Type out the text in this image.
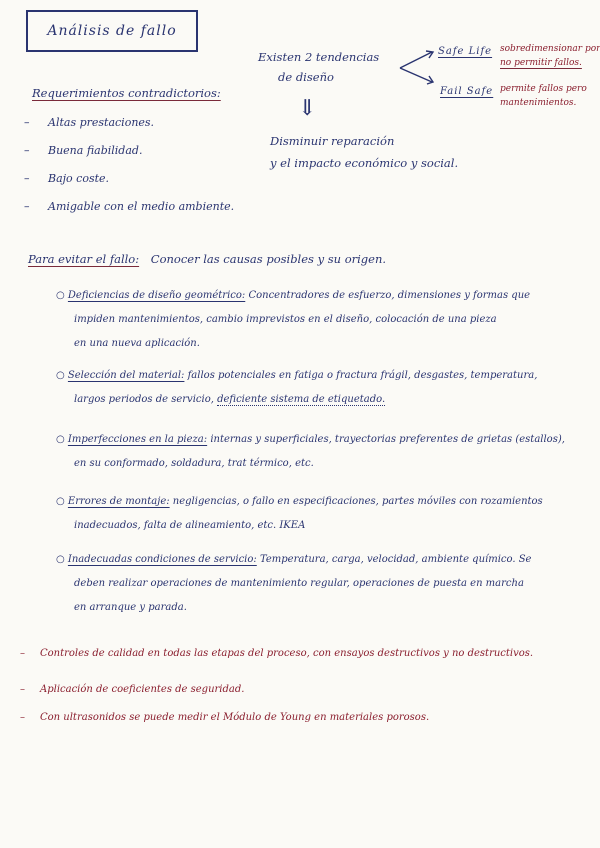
Análisis de fallo
Existen 2 tendencias
de diseño
Safe Life sobredimensionar por
no permitir fallos.
Fail Safe permite fallos pero
mantenimientos.
⇓
Disminuir reparación
y el impacto económico y social.
Requerimientos contradictorios:
– Altas prestaciones.
– Buena fiabilidad.
– Bajo coste.
– Amigable con el medio ambiente.
Para evitar el fallo: Conocer las causas posibles y su origen.
○ Deficiencias de diseño geométrico: Concentradores de esfuerzo, dimensiones y formas que
impiden mantenimientos, cambio imprevistos en el diseño, colocación de una pieza
en una nueva aplicación.
○ Selección del material: fallos potenciales en fatiga o fractura frágil, desgastes, temperatura,
largos periodos de servicio, deficiente sistema de etiquetado.
○ Imperfecciones en la pieza: internas y superficiales, trayectorias preferentes de grietas (estallos),
en su conformado, soldadura, trat térmico, etc.
○ Errores de montaje: negligencias, o fallo en especificaciones, partes móviles con rozamientos
inadecuados, falta de alineamiento, etc. IKEA
○ Inadecuadas condiciones de servicio: Temperatura, carga, velocidad, ambiente químico. Se
deben realizar operaciones de mantenimiento regular, operaciones de puesta en marcha
en arranque y parada.
– Controles de calidad en todas las etapas del proceso, con ensayos destructivos y no destructivos.
– Aplicación de coeficientes de seguridad.
– Con ultrasonidos se puede medir el Módulo de Young en materiales porosos.
